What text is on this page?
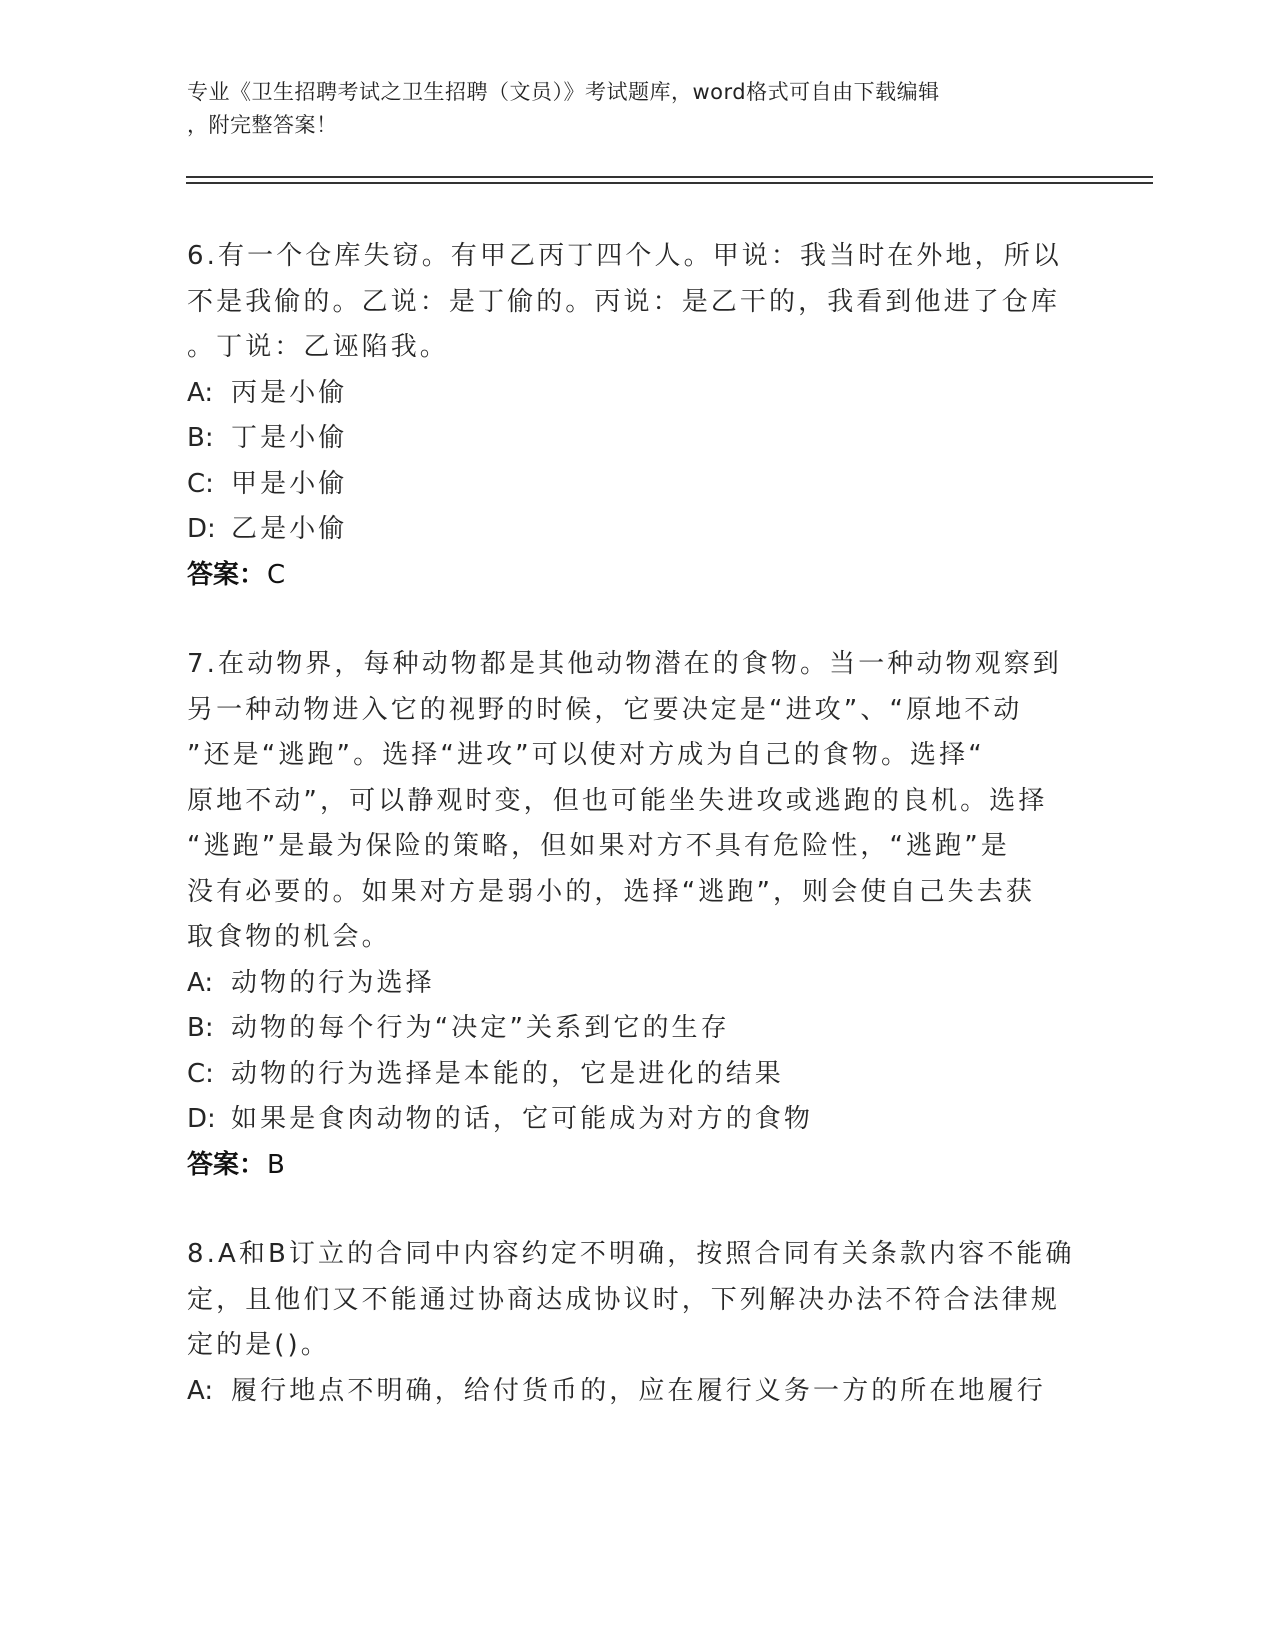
专业《卫生招聘考试之卫生招聘（文员）》考试题库，word格式可自由下载编辑
，附完整答案！
6.有一个仓库失窃。有甲乙丙丁四个人。甲说：我当时在外地，所以
不是我偷的。乙说：是丁偷的。丙说：是乙干的，我看到他进了仓库
。丁说：乙诬陷我。
A: 丙是小偷
B: 丁是小偷
C: 甲是小偷
D: 乙是小偷
答案：C
7.在动物界，每种动物都是其他动物潜在的食物。当一种动物观察到
另一种动物进入它的视野的时候，它要决定是“进攻”、“原地不动
”还是“逃跑”。选择“进攻”可以使对方成为自己的食物。选择“
原地不动”，可以静观时变，但也可能坐失进攻或逃跑的良机。选择
“逃跑”是最为保险的策略，但如果对方不具有危险性，“逃跑”是
没有必要的。如果对方是弱小的，选择“逃跑”，则会使自己失去获
取食物的机会。
A: 动物的行为选择
B: 动物的每个行为“决定”关系到它的生存
C: 动物的行为选择是本能的，它是进化的结果
D: 如果是食肉动物的话，它可能成为对方的食物
答案：B
8.A和B订立的合同中内容约定不明确，按照合同有关条款内容不能确
定，且他们又不能通过协商达成协议时，下列解决办法不符合法律规
定的是()。
A: 履行地点不明确，给付货币的，应在履行义务一方的所在地履行
